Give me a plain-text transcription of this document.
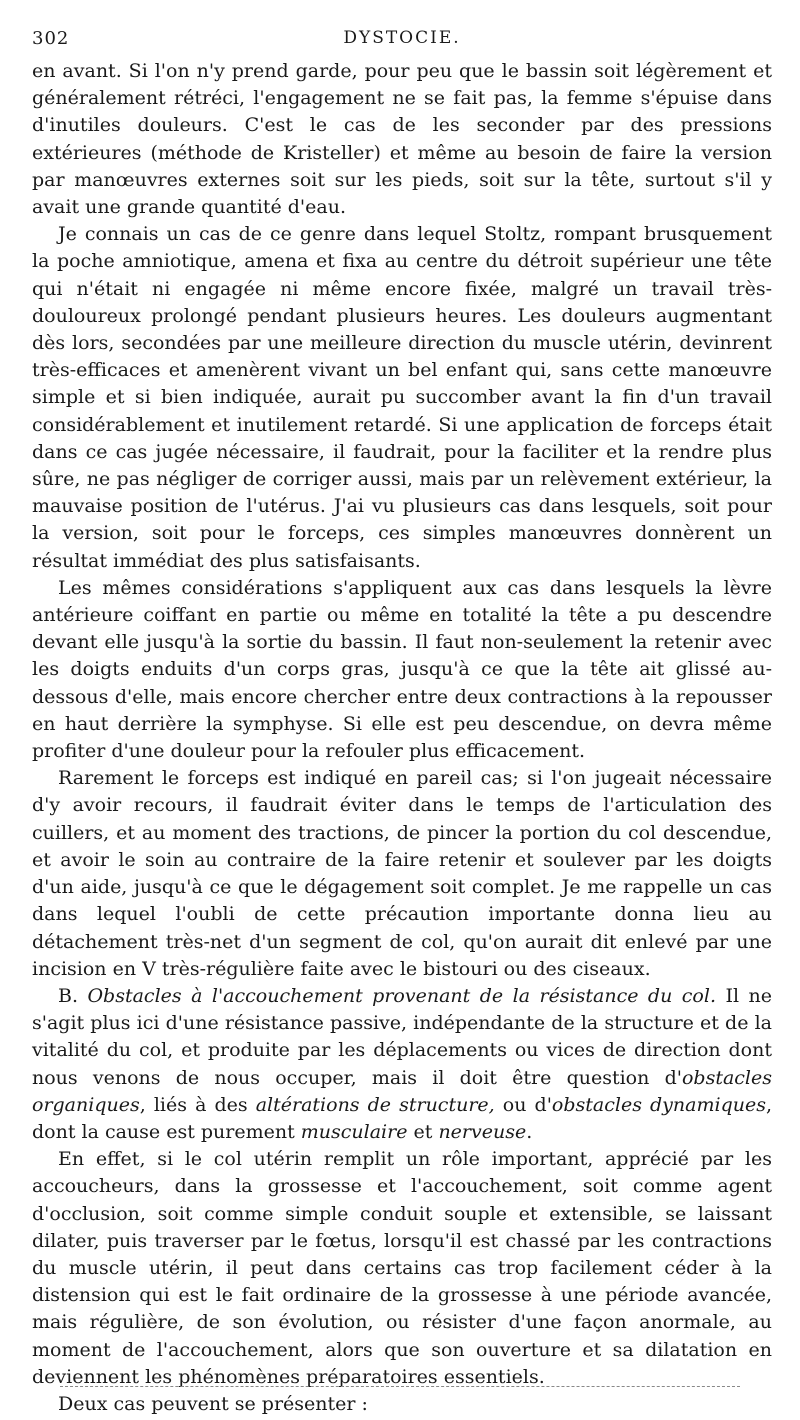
302	DYSTOCIE.

en avant. Si l'on n'y prend garde, pour peu que le bassin soit légèrement et généralement rétréci, l'engagement ne se fait pas, la femme s'épuise dans d'inutiles douleurs. C'est le cas de les seconder par des pressions extérieures (méthode de Kristeller) et même au besoin de faire la version par manœuvres externes soit sur les pieds, soit sur la tête, surtout s'il y avait une grande quantité d'eau.

Je connais un cas de ce genre dans lequel Stoltz, rompant brusquement la poche amniotique, amena et fixa au centre du détroit supérieur une tête qui n'était ni engagée ni même encore fixée, malgré un travail très-douloureux prolongé pendant plusieurs heures. Les douleurs augmentant dès lors, secondées par une meilleure direction du muscle utérin, devinrent très-efficaces et amenèrent vivant un bel enfant qui, sans cette manœuvre simple et si bien indiquée, aurait pu succomber avant la fin d'un travail considérablement et inutilement retardé. Si une application de forceps était dans ce cas jugée nécessaire, il faudrait, pour la faciliter et la rendre plus sûre, ne pas négliger de corriger aussi, mais par un relèvement extérieur, la mauvaise position de l'utérus. J'ai vu plusieurs cas dans lesquels, soit pour la version, soit pour le forceps, ces simples manœuvres donnèrent un résultat immédiat des plus satisfaisants.

Les mêmes considérations s'appliquent aux cas dans lesquels la lèvre antérieure coiffant en partie ou même en totalité la tête a pu descendre devant elle jusqu'à la sortie du bassin. Il faut non-seulement la retenir avec les doigts enduits d'un corps gras, jusqu'à ce que la tête ait glissé au-dessous d'elle, mais encore chercher entre deux contractions à la repousser en haut derrière la symphyse. Si elle est peu descendue, on devra même profiter d'une douleur pour la refouler plus efficacement.

Rarement le forceps est indiqué en pareil cas; si l'on jugeait nécessaire d'y avoir recours, il faudrait éviter dans le temps de l'articulation des cuillers, et au moment des tractions, de pincer la portion du col descendue, et avoir le soin au contraire de la faire retenir et soulever par les doigts d'un aide, jusqu'à ce que le dégagement soit complet. Je me rappelle un cas dans lequel l'oubli de cette précaution importante donna lieu au détachement très-net d'un segment de col, qu'on aurait dit enlevé par une incision en V très-régulière faite avec le bistouri ou des ciseaux.

B. Obstacles à l'accouchement provenant de la résistance du col. Il ne s'agit plus ici d'une résistance passive, indépendante de la structure et de la vitalité du col, et produite par les déplacements ou vices de direction dont nous venons de nous occuper, mais il doit être question d'obstacles organiques, liés à des altérations de structure, ou d'obstacles dynamiques, dont la cause est purement musculaire et nerveuse.

En effet, si le col utérin remplit un rôle important, apprécié par les accoucheurs, dans la grossesse et l'accouchement, soit comme agent d'occlusion, soit comme simple conduit souple et extensible, se laissant dilater, puis traverser par le fœtus, lorsqu'il est chassé par les contractions du muscle utérin, il peut dans certains cas trop facilement céder à la distension qui est le fait ordinaire de la grossesse à une période avancée, mais régulière, de son évolution, ou résister d'une façon anormale, au moment de l'accouchement, alors que son ouverture et sa dilatation en deviennent les phénomènes préparatoires essentiels.

Deux cas peuvent se présenter :
